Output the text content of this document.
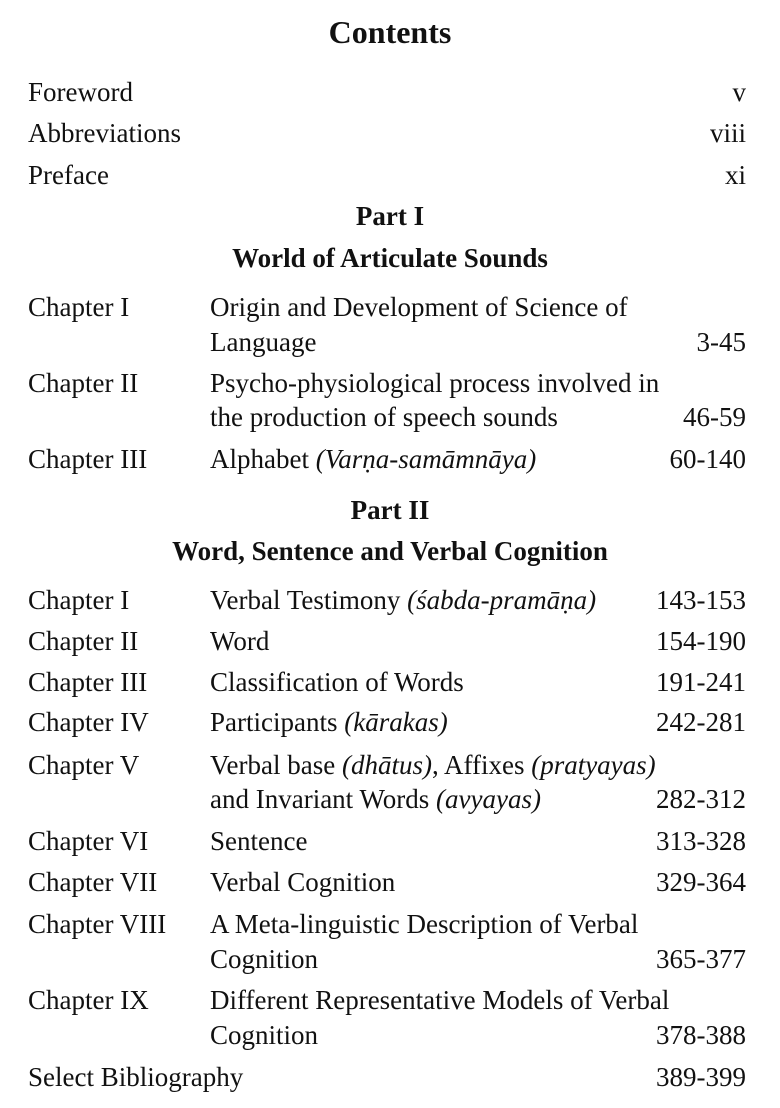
Contents
Foreword	v
Abbreviations	viii
Preface	xi
Part I
World of Articulate Sounds
Chapter I	Origin and Development of Science of
Language	3-45
Chapter II	Psycho-physiological process involved in
the production of speech sounds	46-59
Chapter III Alphabet (Varṇa-samāmnāya)	60-140
Part II
Word, Sentence and Verbal Cognition
Chapter I	Verbal Testimony (śabda-pramāṇa) 143-153
Chapter II	Word	154-190
Chapter III Classification of Words	191-241
Chapter IV Participants (kārakas)	242-281
Chapter V	Verbal base (dhātus), Affixes (pratyayas)
and Invariant Words (avyayas)	282-312
Chapter VI Sentence	313-328
Chapter VII Verbal Cognition	329-364
Chapter VIII A Meta-linguistic Description of Verbal
Cognition	365-377
Chapter IX Different Representative Models of Verbal
Cognition	378-388
Select Bibliography	389-399
